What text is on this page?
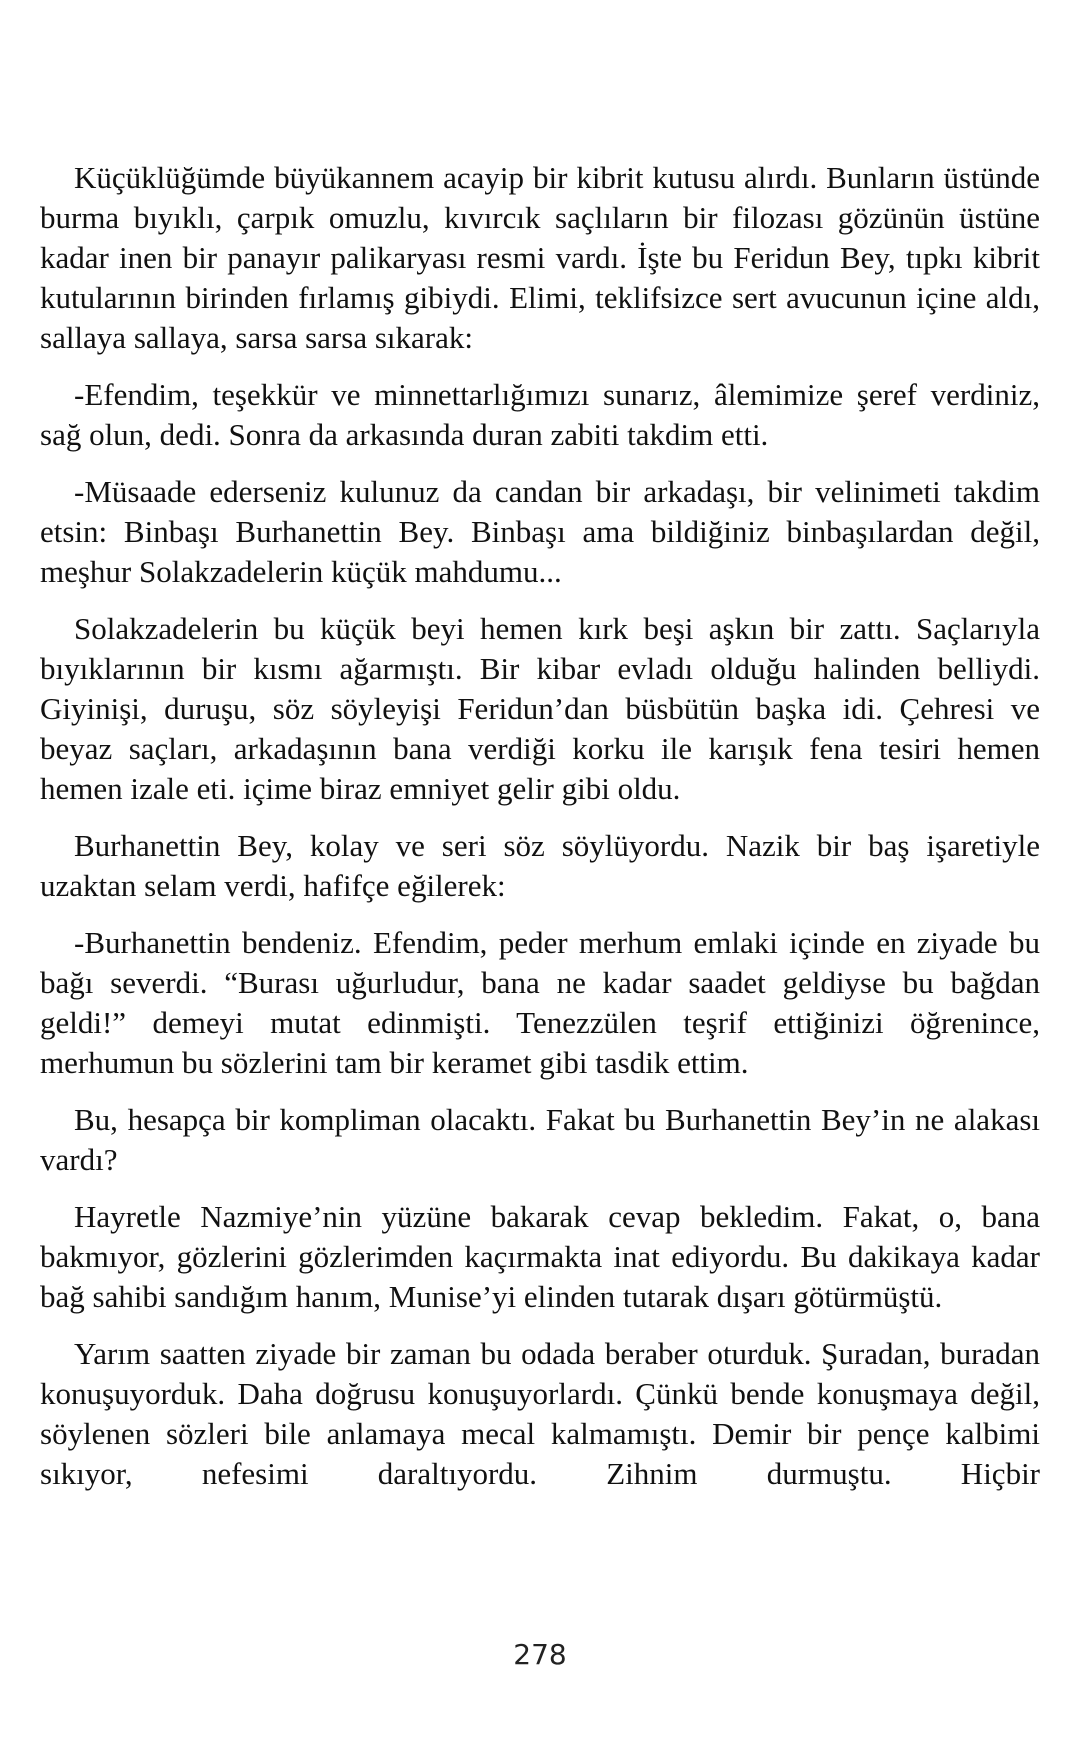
Küçüklüğümde büyükannem acayip bir kibrit kutusu alırdı. Bunların üstünde burma bıyıklı, çarpık omuzlu, kıvırcık saçlıların bir filozası gözünün üstüne kadar inen bir panayır palikaryası resmi vardı. İşte bu Feridun Bey, tıpkı kibrit kutularının birinden fırlamış gibiydi. Elimi, teklifsizce sert avucunun içine aldı, sallaya sallaya, sarsa sarsa sıkarak:

-Efendim, teşekkür ve minnettarlığımızı sunarız, âlemimize şeref verdiniz, sağ olun, dedi. Sonra da arkasında duran zabiti takdim etti.

-Müsaade ederseniz kulunuz da candan bir arkadaşı, bir velinimeti takdim etsin: Binbaşı Burhanettin Bey. Binbaşı ama bildiğiniz binbaşılardan değil, meşhur Solakzadelerin küçük mahdumu...

Solakzadelerin bu küçük beyi hemen kırk beşi aşkın bir zattı. Saçlarıyla bıyıklarının bir kısmı ağarmıştı. Bir kibar evladı olduğu halinden belliydi. Giyinişi, duruşu, söz söyleyişi Feridun’dan büsbütün başka idi. Çehresi ve beyaz saçları, arkadaşının bana verdiği korku ile karışık fena tesiri hemen hemen izale eti. içime biraz emniyet gelir gibi oldu.

Burhanettin Bey, kolay ve seri söz söylüyordu. Nazik bir baş işaretiyle uzaktan selam verdi, hafifçe eğilerek:

-Burhanettin bendeniz. Efendim, peder merhum emlaki içinde en ziyade bu bağı severdi. “Burası uğurludur, bana ne kadar saadet geldiyse bu bağdan geldi!” demeyi mutat edinmişti. Tenezzülen teşrif ettiğinizi öğrenince, merhumun bu sözlerini tam bir keramet gibi tasdik ettim.

Bu, hesapça bir kompliman olacaktı. Fakat bu Burhanettin Bey’in ne alakası vardı?

Hayretle Nazmiye’nin yüzüne bakarak cevap bekledim. Fakat, o, bana bakmıyor, gözlerini gözlerimden kaçırmakta inat ediyordu. Bu dakikaya kadar bağ sahibi sandığım hanım, Munise’yi elinden tutarak dışarı götürmüştü.

Yarım saatten ziyade bir zaman bu odada beraber oturduk. Şuradan, buradan konuşuyorduk. Daha doğrusu konuşuyorlardı. Çünkü bende konuşmaya değil, söylenen sözleri bile anlamaya mecal kalmamıştı. Demir bir pençe kalbimi sıkıyor, nefesimi daraltıyordu. Zihnim durmuştu. Hiçbir

278
